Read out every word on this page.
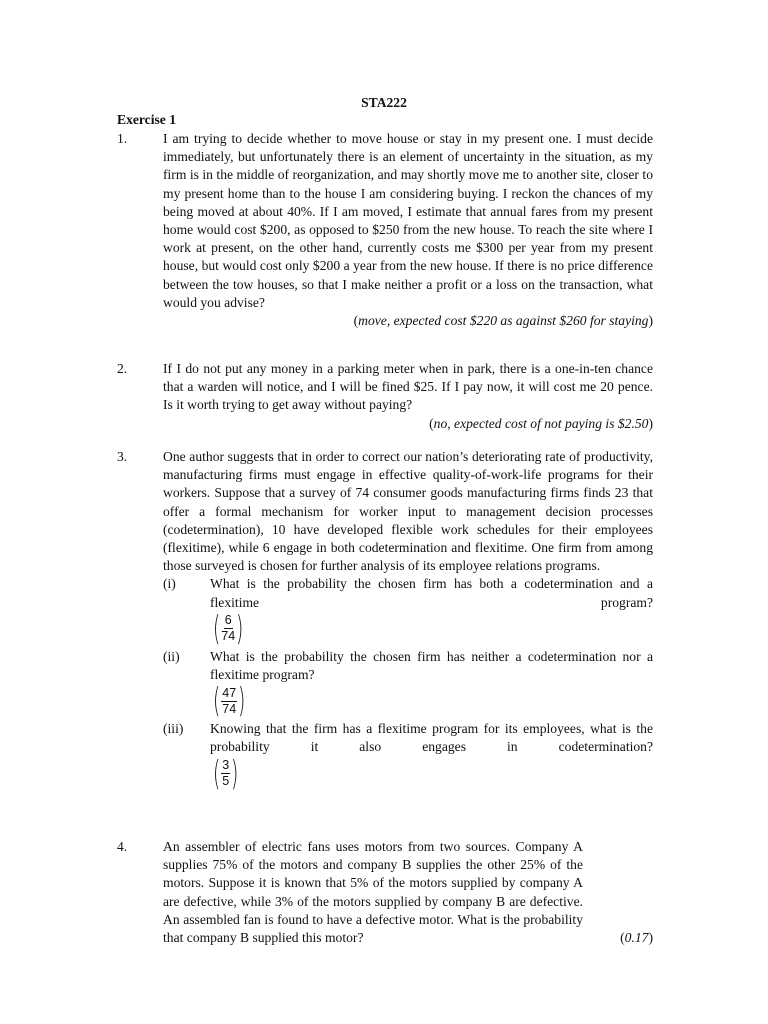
STA222
Exercise 1
1.	I am trying to decide whether to move house or stay in my present one. I must decide immediately, but unfortunately there is an element of uncertainty in the situation, as my firm is in the middle of reorganization, and may shortly move me to another site, closer to my present home than to the house I am considering buying. I reckon the chances of my being moved at about 40%. If I am moved, I estimate that annual fares from my present home would cost $200, as opposed to $250 from the new house. To reach the site where I work at present, on the other hand, currently costs me $300 per year from my present house, but would cost only $200 a year from the new house. If there is no price difference between the tow houses, so that I make neither a profit or a loss on the transaction, what would you advise?
(move, expected cost $220 as against $260 for staying)
2.	If I do not put any money in a parking meter when in park, there is a one-in-ten chance that a warden will notice, and I will be fined $25. If I pay now, it will cost me 20 pence. Is it worth trying to get away without paying?
(no, expected cost of not paying is $2.50)
3.	One author suggests that in order to correct our nation’s deteriorating rate of productivity, manufacturing firms must engage in effective quality-of-work-life programs for their workers. Suppose that a survey of 74 consumer goods manufacturing firms finds 23 that offer a formal mechanism for worker input to management decision processes (codetermination), 10 have developed flexible work schedules for their employees (flexitime), while 6 engage in both codetermination and flexitime. One firm from among those surveyed is chosen for further analysis of its employee relations programs.
(i)	What is the probability the chosen firm has both a codetermination and a flexitime program?
( $\frac{6}{74}$ )
(ii) What is the probability the chosen firm has neither a codetermination nor a flexitime program?
( $\frac{47}{74}$ )
(iii) Knowing that the firm has a flexitime program for its employees, what is the probability it also engages in codetermination?
( $\frac{3}{5}$ )
4.	An assembler of electric fans uses motors from two sources. Company A supplies 75% of the motors and company B supplies the other 25% of the motors. Suppose it is known that 5% of the motors supplied by company A are defective, while 3% of the motors supplied by company B are defective. An assembled fan is found to have a defective motor. What is the probability that company B supplied this motor?	(0.17)
